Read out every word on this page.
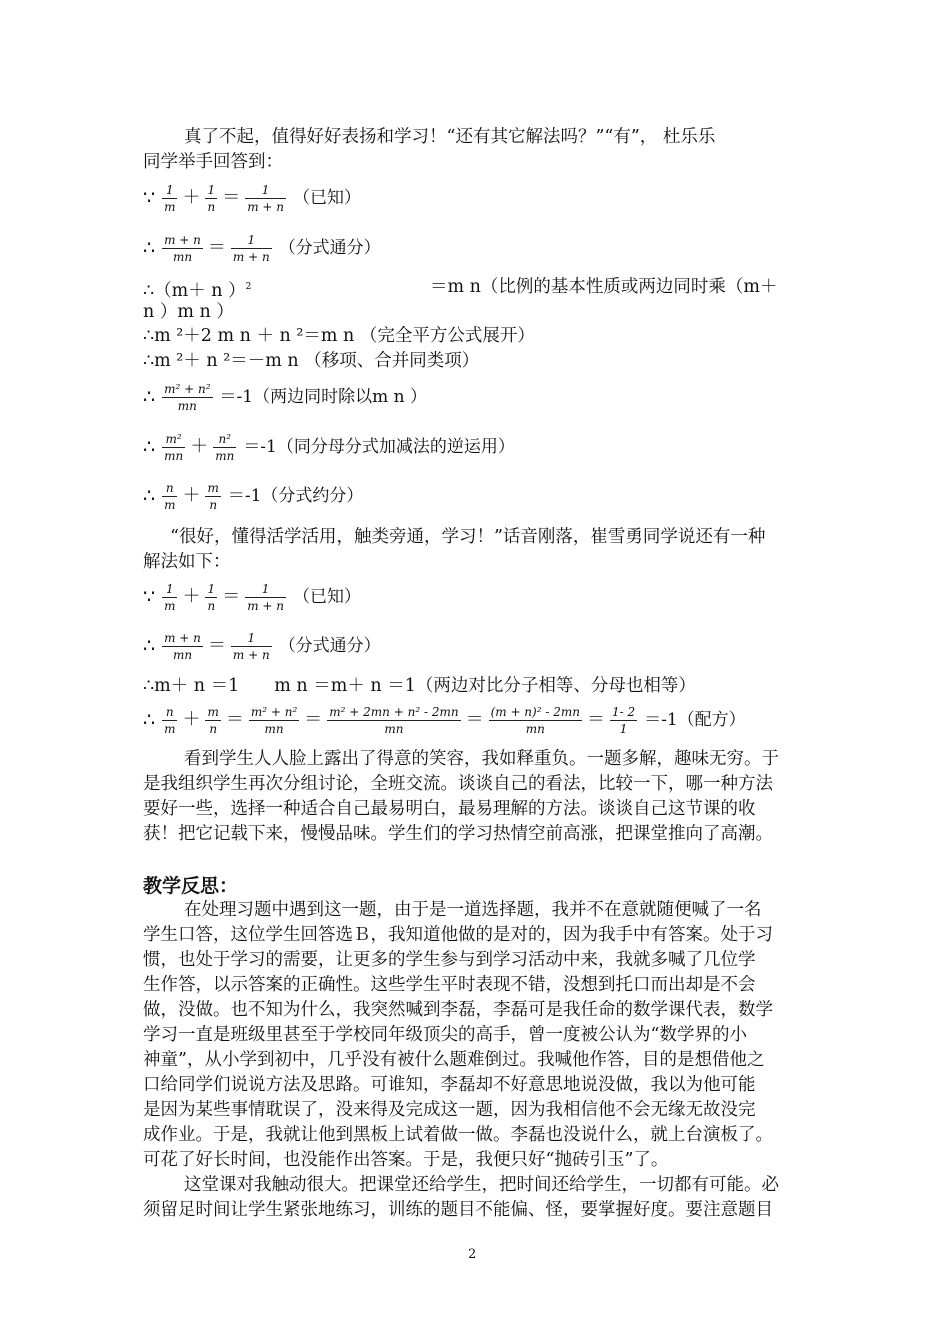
真了不起，值得好好表扬和学习！“还有其它解法吗？”“有”， 杜乐乐
同学举手回答到：
∵ $\frac{1}{m} + \frac{1}{n} = \frac{1}{m + n}$ （已知）
∴ $\frac{m + n}{mn} = \frac{1}{m + n}$ （分式通分）
∴（m＋ n ）$^2$	＝m n（比例的基本性质或两边同时乘（m＋
n ）m n ）
∴m ²＋2 m n ＋ n ²＝m n （完全平方公式展开）
∴m ²＋ n ²＝－m n （移项、合并同类项）
∴ $\frac{\text{m² + n²}}{mn} =-1$（两边同时除以m n ）
∴ $\frac{\text{m²}}{mn} + \frac{\text{n²}}{mn} =-1$（同分母分式加减法的逆运用）
∴ $\frac{n}{m} + \frac{m}{n} =-1$（分式约分）
“很好，懂得活学活用，触类旁通，学习！”话音刚落，崔雪勇同学说还有一种
解法如下：
∵ $\frac{1}{m} + \frac{1}{n} = \frac{1}{m + n}$ （已知）
∴ $\frac{m + n}{mn} = \frac{1}{m + n}$ （分式通分）
∴m＋ n ＝1　　m n ＝m＋ n ＝1（两边对比分子相等、分母也相等）
∴ $\frac{n}{m} + \frac{m}{n} = \frac{\text{m² + n²}}{mn} = \frac{\text{m² + 2mn + n² - 2mn}}{mn} = \frac{\text{(m + n)² - 2mn}}{mn} = \frac{1- 2}{1} =-1$（配方）
看到学生人人脸上露出了得意的笑容，我如释重负。一题多解，趣味无穷。于
是我组织学生再次分组讨论，全班交流。谈谈自己的看法，比较一下，哪一种方法
要好一些，选择一种适合自己最易明白，最易理解的方法。谈谈自己这节课的收
获！把它记载下来，慢慢品味。学生们的学习热情空前高涨，把课堂推向了高潮。
教学反思：
在处理习题中遇到这一题，由于是一道选择题，我并不在意就随便喊了一名
学生口答，这位学生回答选Ｂ，我知道他做的是对的，因为我手中有答案。处于习
惯，也处于学习的需要，让更多的学生参与到学习活动中来，我就多喊了几位学
生作答，以示答案的正确性。这些学生平时表现不错，没想到托口而出却是不会
做，没做。也不知为什么，我突然喊到李磊，李磊可是我任命的数学课代表，数学
学习一直是班级里甚至于学校同年级顶尖的高手，曾一度被公认为“数学界的小
神童”，从小学到初中，几乎没有被什么题难倒过。我喊他作答，目的是想借他之
口给同学们说说方法及思路。可谁知，李磊却不好意思地说没做，我以为他可能
是因为某些事情耽误了，没来得及完成这一题，因为我相信他不会无缘无故没完
成作业。于是，我就让他到黑板上试着做一做。李磊也没说什么，就上台演板了。
可花了好长时间，也没能作出答案。于是，我便只好“抛砖引玉”了。
这堂课对我触动很大。把课堂还给学生，把时间还给学生，一切都有可能。必
须留足时间让学生紧张地练习，训练的题目不能偏、怪，要掌握好度。要注意题目
2
